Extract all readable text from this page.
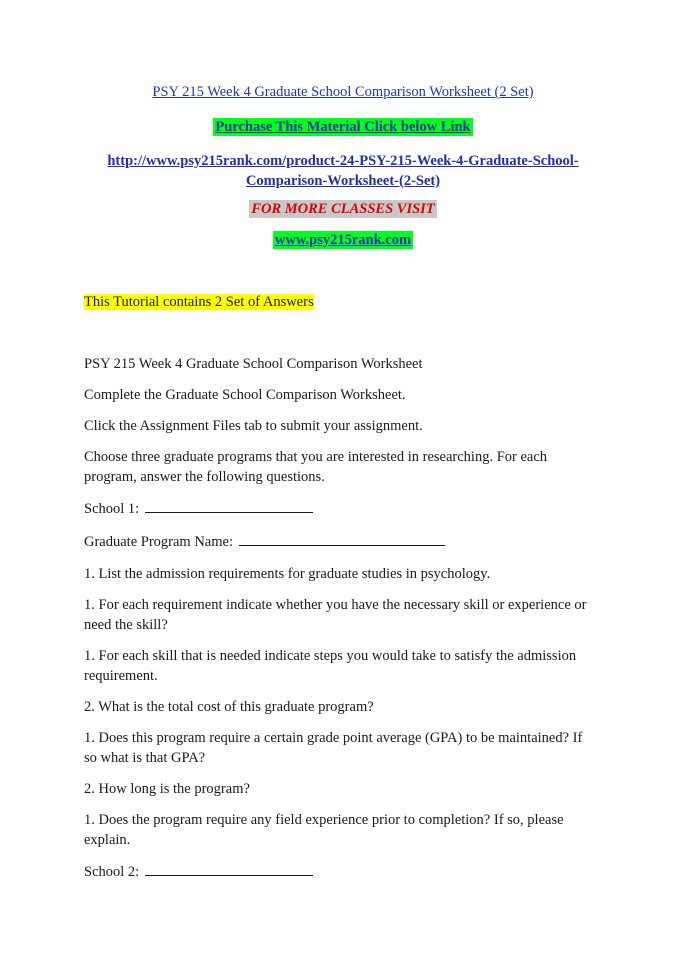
PSY 215 Week 4 Graduate School Comparison Worksheet (2 Set)
Purchase This Material Click below Link
http://www.psy215rank.com/product-24-PSY-215-Week-4-Graduate-School-
Comparison-Worksheet-(2-Set)
FOR MORE CLASSES VISIT
www.psy215rank.com
This Tutorial contains 2 Set of Answers
PSY 215 Week 4 Graduate School Comparison Worksheet
Complete the Graduate School Comparison Worksheet.
Click the Assignment Files tab to submit your assignment.
Choose three graduate programs that you are interested in researching. For each
program, answer the following questions.
School 1:
Graduate Program Name:
1. List the admission requirements for graduate studies in psychology.
1. For each requirement indicate whether you have the necessary skill or experience or
need the skill?
1. For each skill that is needed indicate steps you would take to satisfy the admission
requirement.
2. What is the total cost of this graduate program?
1. Does this program require a certain grade point average (GPA) to be maintained? If
so what is that GPA?
2. How long is the program?
1. Does the program require any field experience prior to completion? If so, please
explain.
School 2:
